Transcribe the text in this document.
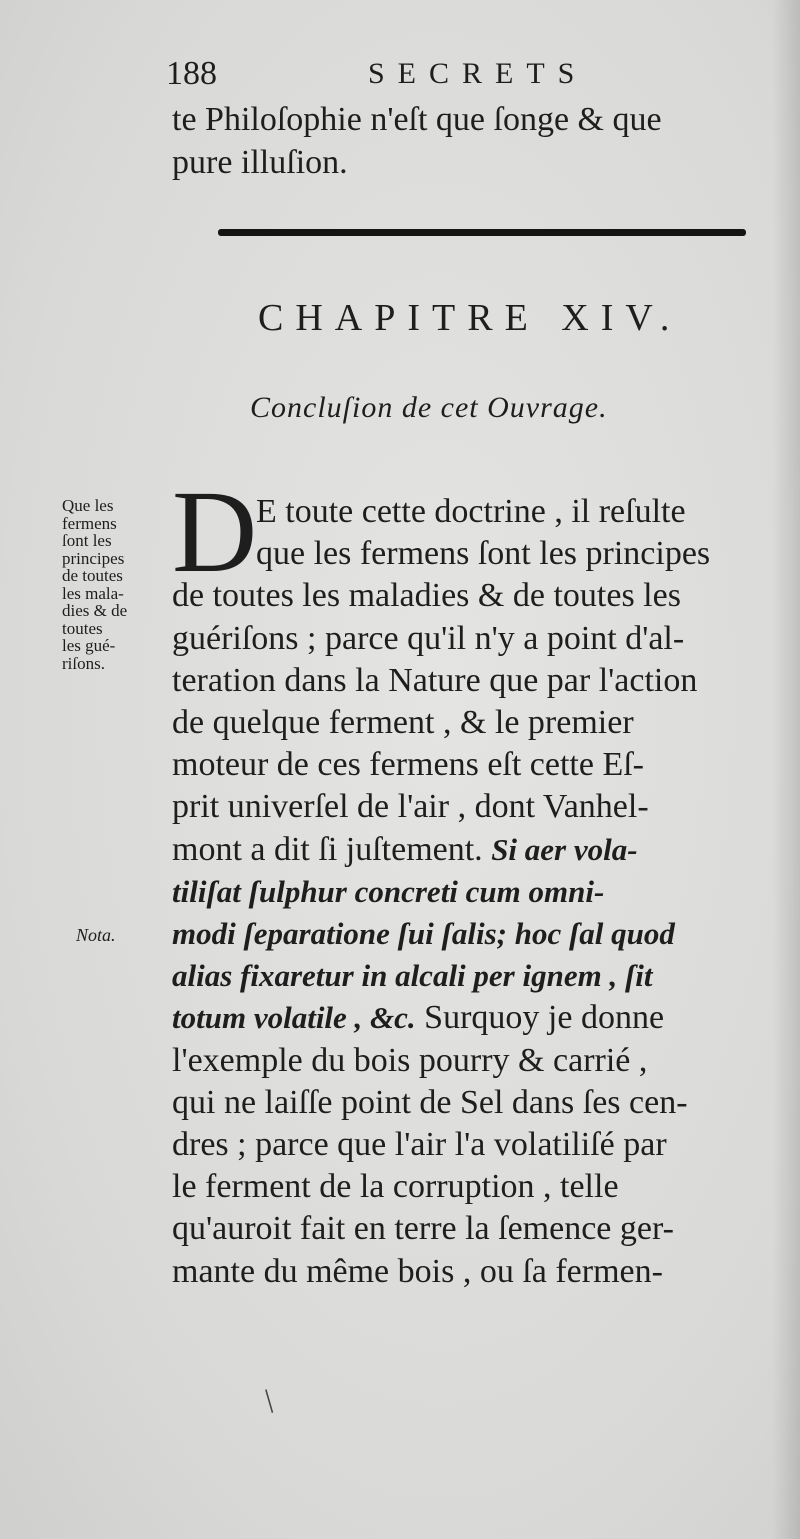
188	SECRETS
te Philoſophie n'eſt que ſonge & que
pure illuſion.
CHAPITRE XIV.
Concluſion de cet Ouvrage.
Que les
fermens
ſont les
principes
de toutes
les mala-
dies & de
toutes
les gué-
riſons.
Nota.
D
E toute cette doctrine , il reſulte
que les fermens ſont les principes
de toutes les maladies & de toutes les
guériſons ; parce qu'il n'y a point d'al-
teration dans la Nature que par l'action
de quelque ferment , & le premier
moteur de ces fermens eſt cette Eſ-
prit univerſel de l'air , dont Vanhel-
mont a dit ſi juſtement. Si aer vola-
tiliſat ſulphur concreti cum omni-
modi ſeparatione ſui ſalis; hoc ſal quod
alias fixaretur in alcali per ignem , ſit
totum volatile , &c. Surquoy je donne
l'exemple du bois pourry & carrié ,
qui ne laiſſe point de Sel dans ſes cen-
dres ; parce que l'air l'a volatiliſé par
le ferment de la corruption , telle
qu'auroit fait en terre la ſemence ger-
mante du même bois , ou ſa fermen-
/
